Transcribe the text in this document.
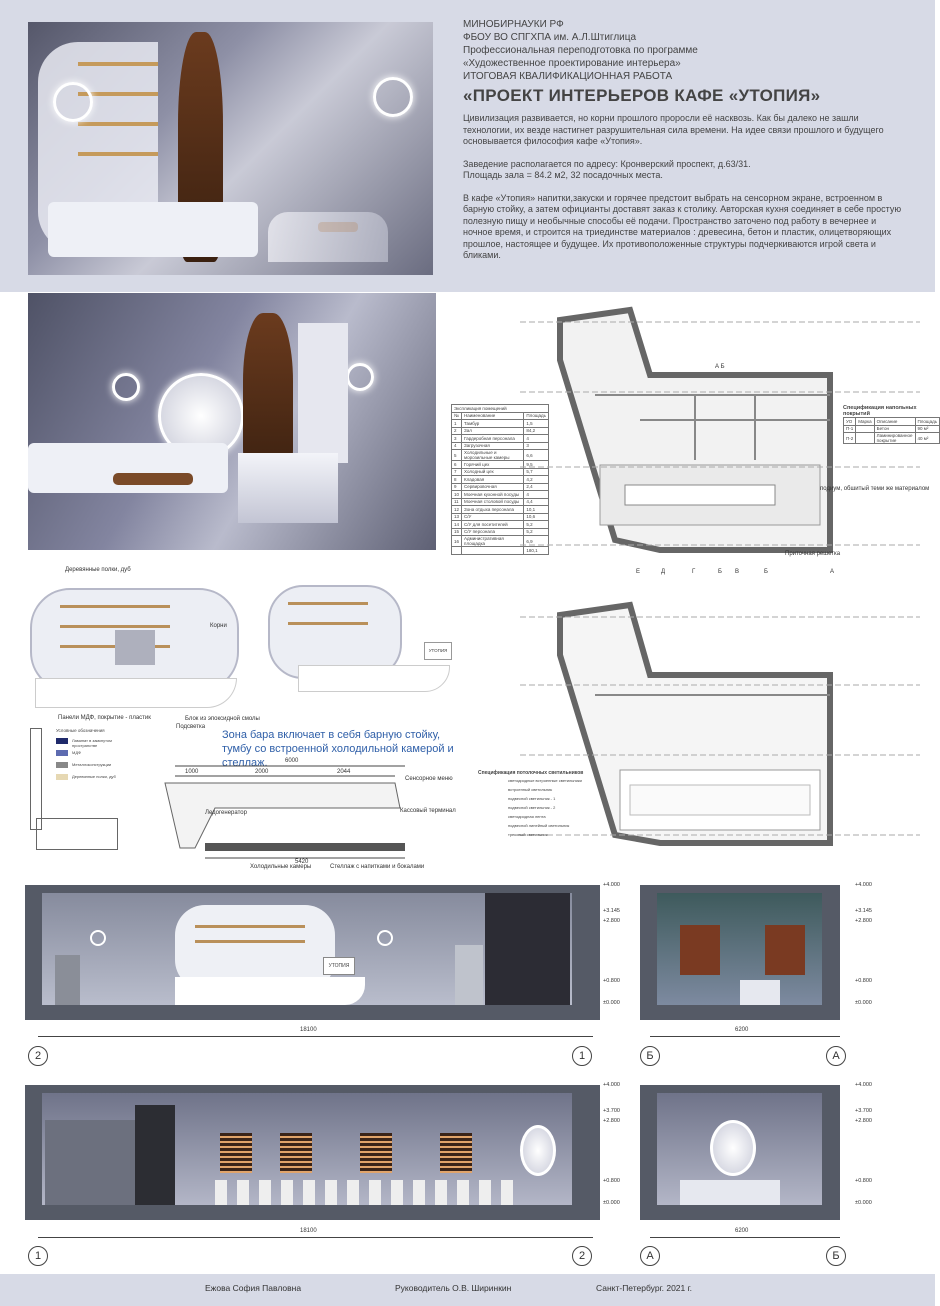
МИНОБИРНАУКИ РФ
ФБОУ ВО СПГХПА им. А.Л.Штиглица
Профессиональная переподготовка по программе
«Художественное проектирование интерьера»
ИТОГОВАЯ КВАЛИФИКАЦИОННАЯ РАБОТА
«ПРОЕКТ ИНТЕРЬЕРОВ КАФЕ «УТОПИЯ»

Цивилизация развивается, но корни прошлого проросли её насквозь. Как бы далеко не зашли технологии, их везде настигнет разрушительная сила времени. На идее связи прошлого и будущего основывается философия кафе «Утопия».

Заведение располагается по адресу: Кронверский проспект, д.63/31.
Площадь зала = 84.2 м2, 32 посадочных места.

В кафе «Утопия» напитки,закуски и горячее предстоит выбрать на сенсорном экране, встроенном в барную стойку, а затем официанты доставят заказ к столику. Авторская кухня соединяет в себе простую полезную пищу и необычные способы её подачи. Пространство заточено под работу в вечернее и ночное время, и строится на триединстве материалов : древесина, бетон и пластик, олицетворяющих прошлое, настоящее и будущее. Их противоположенные структуры подчеркиваются игрой света и бликами.

Экспликация помещений		
№	Наименование	Площадь
1	Тамбур	1,5
2	Зал	84,2
3	Гардеробная персонала	4
4	Загрузочная	3
5	Холодильные и морозильные камеры	6,6
6	Горячий цех	9,5
7	Холодный цех	5,7
8	Кладовая	4,2
9	Сервировочная	2,4
10	Моечная кухонной посуды	4
11	Моечная столовой посуды	4,4
12	Зона отдыха персонала	10,1
13	С/У	10,6
14	С/У для посетителей	5,2
15	С/У персонала	5,2
16	Административная площадка	6,9
		180,1
подиум, обшитый теми же материалом
Приточная решетка
А Б
Спецификация напольных покрытий
УО	Марка	Описание	Площадь
П-1		Бетон	90 м²
П-2		Ламинированное покрытие	40 м²
Е	Д	Г	Б В	Б	А
Деревянные полки, дуб
Корни
УТОПИЯ
Панели МДФ, покрытие - пластик	Блок из эпоксидной смолы
Подсветка
Условные обозначения
Ламинат в замкнутом пространстве
МДФ
Металлоконструкции
Деревянные полки, дуб
Зона бара включает в себя барную стойку, тумбу со встроенной холодильной камерой и стеллаж.	6000
1000	2000	2044
5420
Сенсорное меню
Ледогенератор	Кассовый терминал
Холодильные камеры	Стеллаж с напитками и бокалами
Спецификация потолочных светильников
светодиодные встроенные светильники
встроенный светильник
подвесной светильник - 1
подвесной светильник - 2
светодиодная лента
подвесной линейный светильник
трековый светильник
УТОПИЯ
+4.000
+3.145
+2.800
+0.800
±0.000
18100
2	1
+4.000
+3.145
+2.800
+0.800
±0.000
6200
Б	А
+4.000
+3.700
+2.800
+0.800
±0.000
18100
1	2
+4.000
+3.700
+2.800
+0.800
±0.000
6200
А	Б
Ежова София Павловна	Руководитель О.В. Ширинкин	Санкт-Петербург. 2021 г.
